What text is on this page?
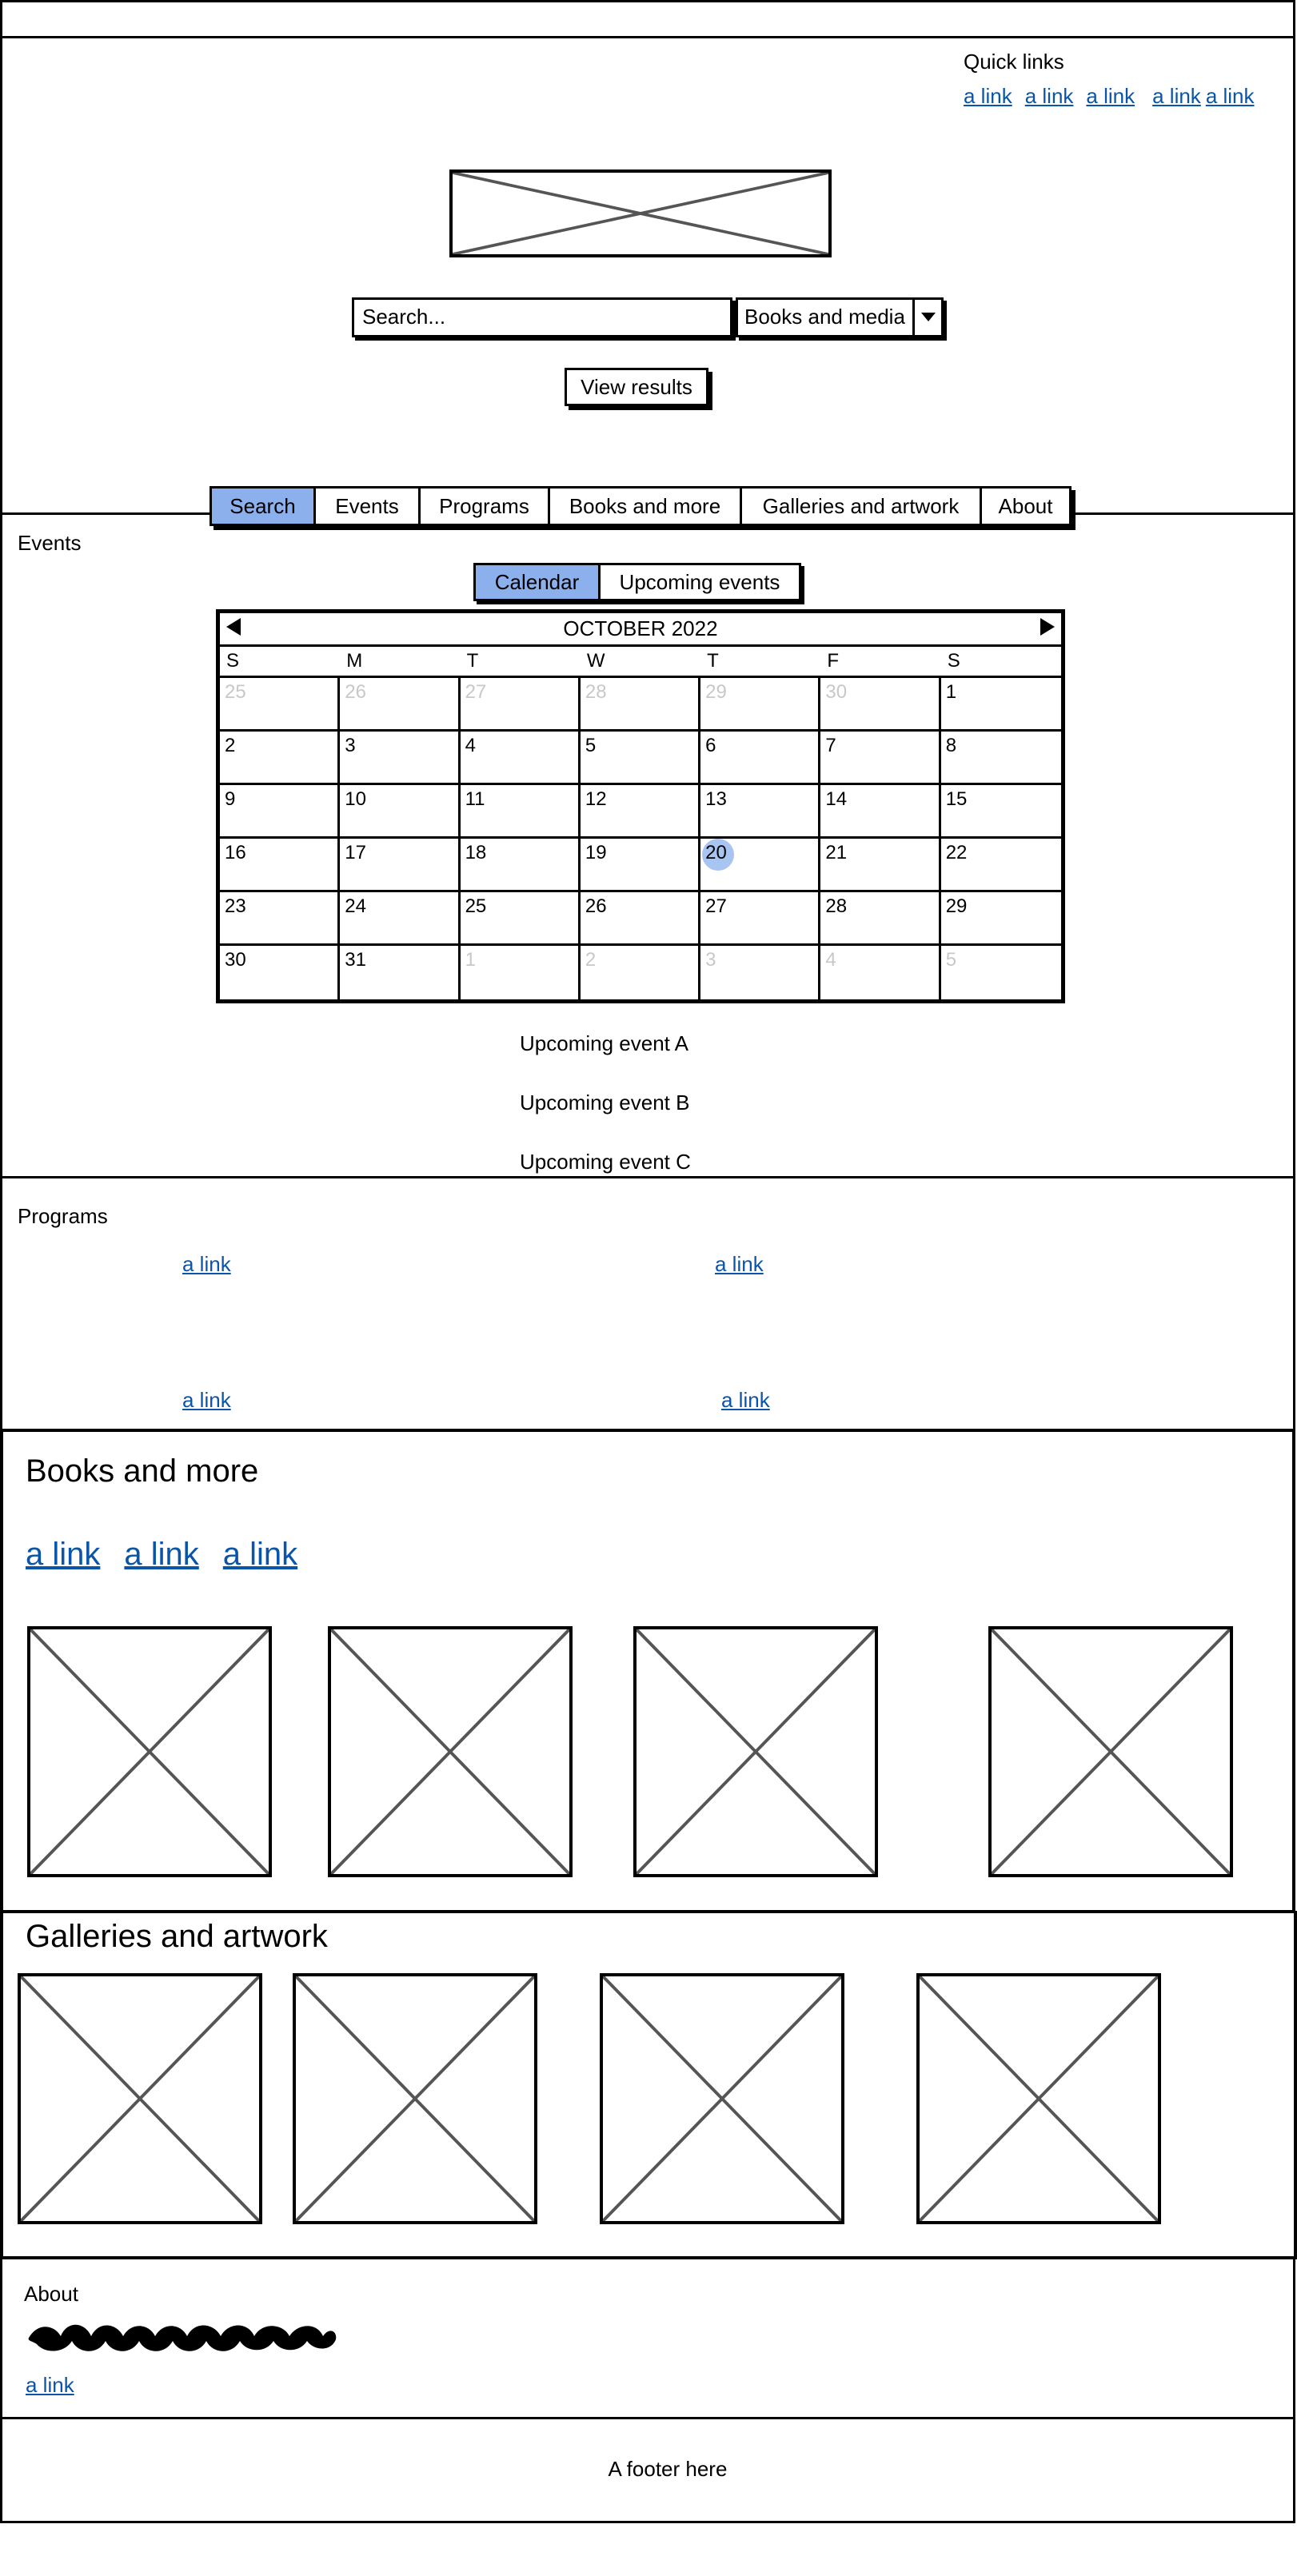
Quick links
a link a link a link a link a link
Search...	Books and media
View results
Search	Events	Programs	Books and more	Galleries and artwork	About
Events
Calendar	Upcoming events
OCTOBER 2022
S	M	T	W	T	F	S
25	26	27	28	29	30	1
2	3	4	5	6	7	8
9	10	11	12	13	14	15
16	17	18	19	20	21	22
23	24	25	26	27	28	29
30	31	1	2	3	4	5
Upcoming event A
Upcoming event B
Upcoming event C
Programs
a link	a link
a link	a link
Books and more
a link a link a link
Galleries and artwork
About
a link
A footer here
